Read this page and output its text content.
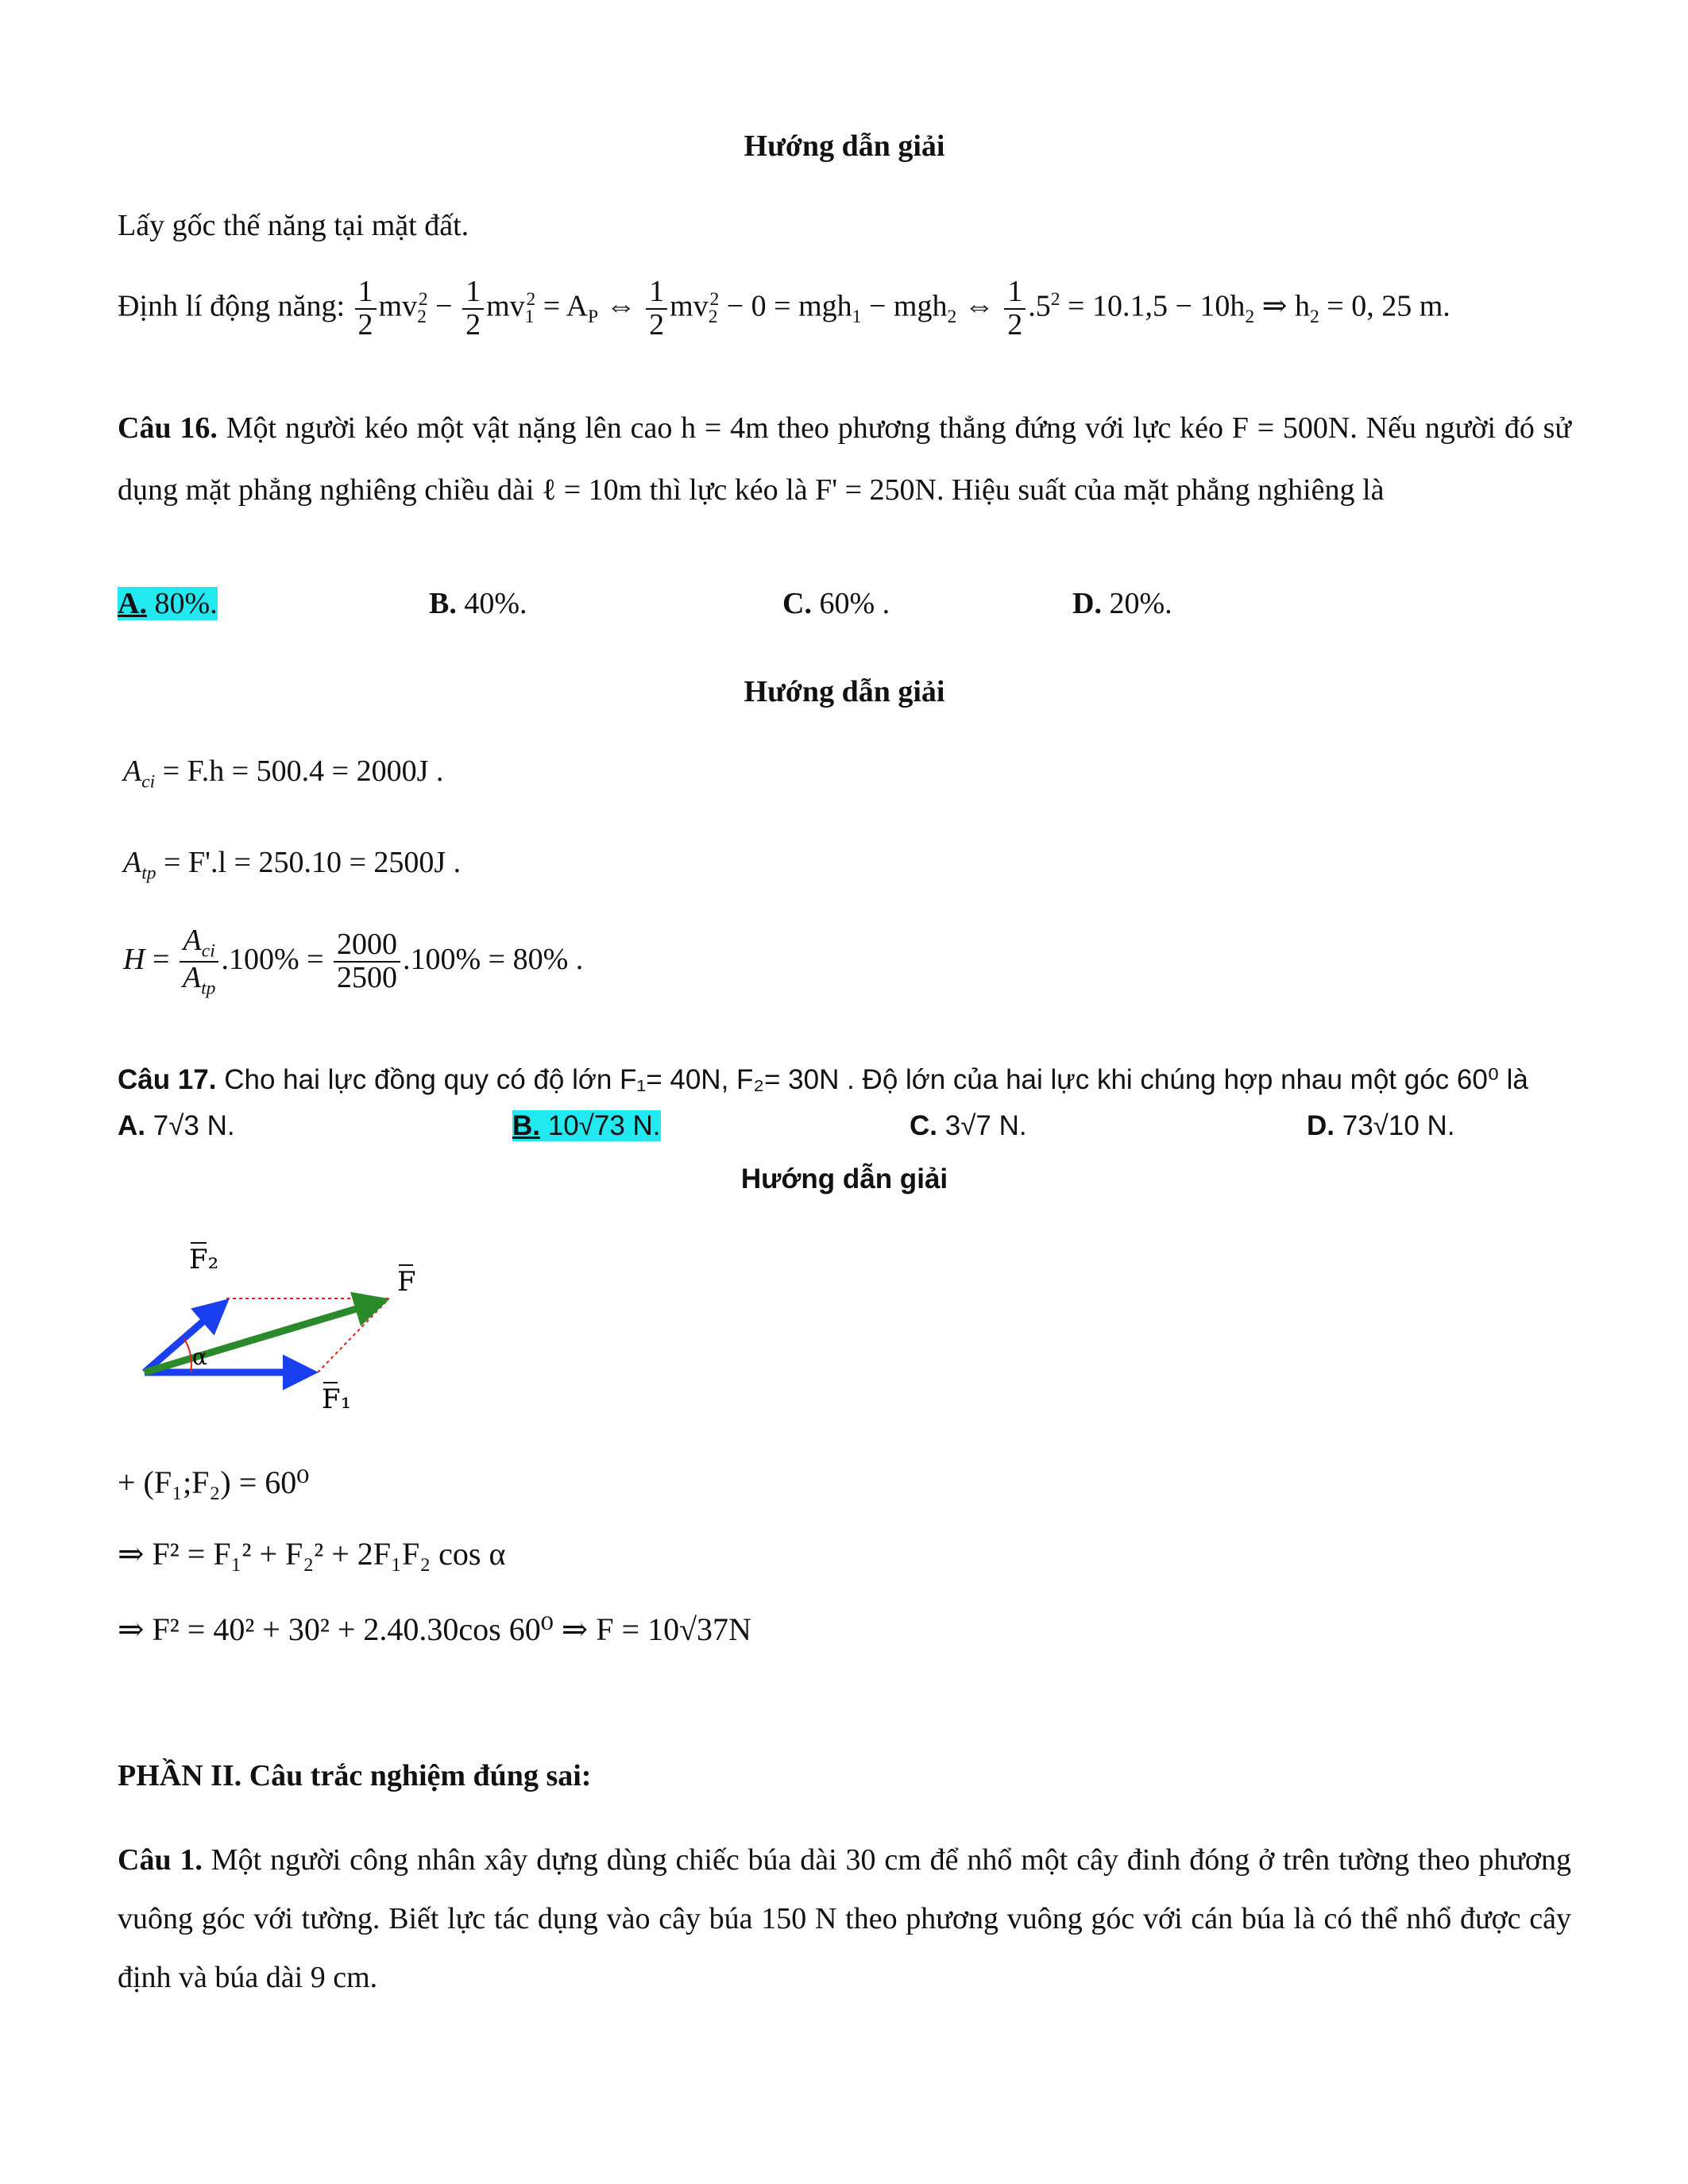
Hướng dẫn giải
Lấy gốc thế năng tại mặt đất.
Định lí động năng: $\frac{1}{2} mv_2^2 - \frac{1}{2} mv_1^2 = A_P$ ⇔ $\frac{1}{2} mv_2^2 - 0 = mgh_1 - mgh_2$ ⇔ $\frac{1}{2} .5^2 = 10.1,5 - 10h_2$ ⇒ $h_2 = 0$, 25 m.
Câu 16. Một người kéo một vật nặng lên cao h = 4m theo phương thẳng đứng với lực kéo F = 500N. Nếu người đó sử dụng mặt phẳng nghiêng chiều dài ℓ = 10m thì lực kéo là F' = 250N. Hiệu suất của mặt phẳng nghiêng là
A. 80%.	B. 40%.	C. 60% .	D. 20%.
Hướng dẫn giải
$A_{ci} = F.h = 500.4 = 2000J$ .
$A_{tp} = F'.l = 250.10 = 2500J$ .
$H = \frac{A_{ci}}{A_{tp}} .100\% = \frac{2000}{2500} .100\% = 80\%$ .
Câu 17. Cho hai lực đồng quy có độ lớn F₁= 40N, F₂= 30N . Độ lớn của hai lực khi chúng hợp nhau một góc 60⁰ là
A. 7√3 N.	B. 10√73 N.	C. 3√7 N.	D. 73√10 N.
Hướng dẫn giải
α
F₂
F
F₁
+ (F₁;F₂) = 60⁰
⇒ F² = F₁² + F₂² + 2F₁F₂ cos α
⇒ F² = 40² + 30² + 2.40.30cos 60⁰ ⇒ F = 10√37N
PHẦN II. Câu trắc nghiệm đúng sai:
Câu 1. Một người công nhân xây dựng dùng chiếc búa dài 30 cm để nhổ một cây đinh đóng ở trên tường theo phương vuông góc với tường. Biết lực tác dụng vào cây búa 150 N theo phương vuông góc với cán búa là có thể nhổ được cây định và búa dài 9 cm.
